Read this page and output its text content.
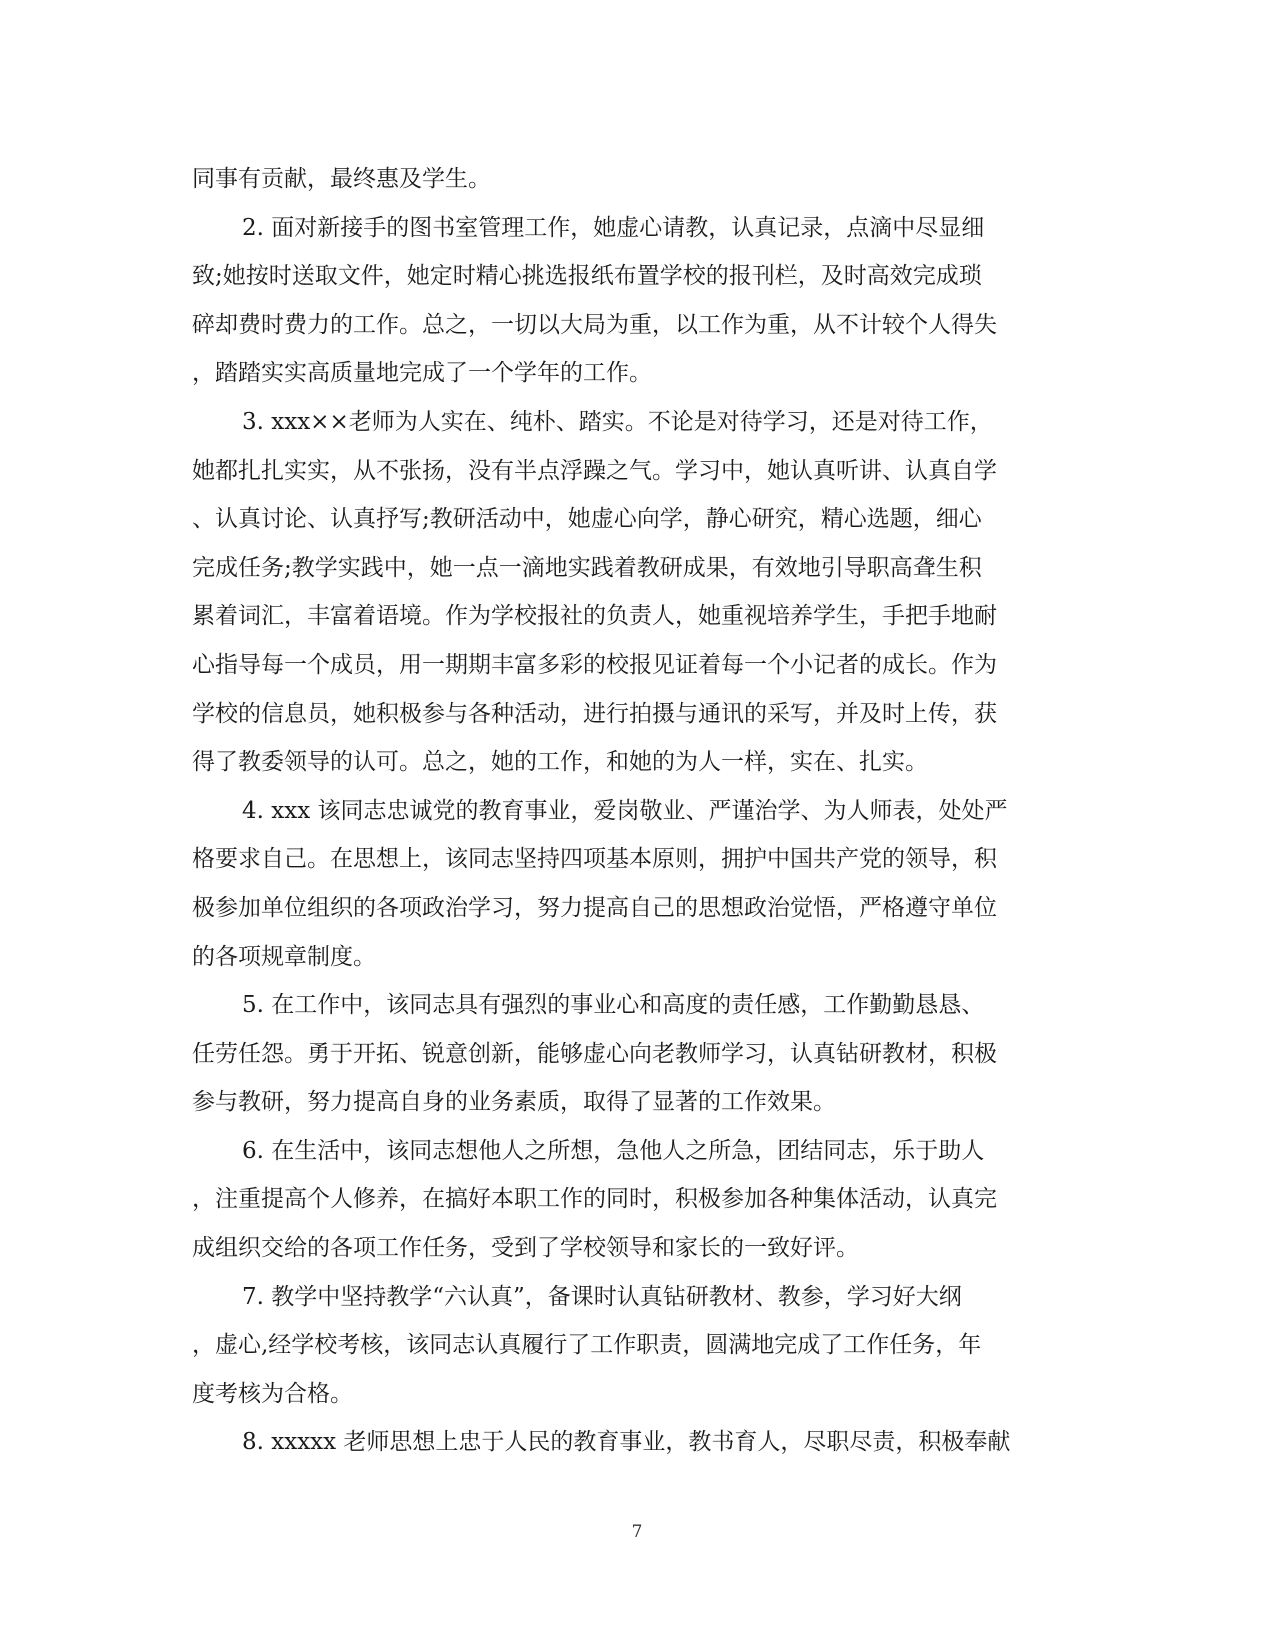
同事有贡献，最终惠及学生。
2. 面对新接手的图书室管理工作，她虚心请教，认真记录，点滴中尽显细
致;她按时送取文件，她定时精心挑选报纸布置学校的报刊栏，及时高效完成琐
碎却费时费力的工作。总之，一切以大局为重，以工作为重，从不计较个人得失
，踏踏实实高质量地完成了一个学年的工作。
3. xxx××老师为人实在、纯朴、踏实。不论是对待学习，还是对待工作，
她都扎扎实实，从不张扬，没有半点浮躁之气。学习中，她认真听讲、认真自学
、认真讨论、认真抒写;教研活动中，她虚心向学，静心研究，精心选题，细心
完成任务;教学实践中，她一点一滴地实践着教研成果，有效地引导职高聋生积
累着词汇，丰富着语境。作为学校报社的负责人，她重视培养学生，手把手地耐
心指导每一个成员，用一期期丰富多彩的校报见证着每一个小记者的成长。作为
学校的信息员，她积极参与各种活动，进行拍摄与通讯的采写，并及时上传，获
得了教委领导的认可。总之，她的工作，和她的为人一样，实在、扎实。
4. xxx 该同志忠诚党的教育事业，爱岗敬业、严谨治学、为人师表，处处严
格要求自己。在思想上，该同志坚持四项基本原则，拥护中国共产党的领导，积
极参加单位组织的各项政治学习，努力提高自己的思想政治觉悟，严格遵守单位
的各项规章制度。
5. 在工作中，该同志具有强烈的事业心和高度的责任感，工作勤勤恳恳、
任劳任怨。勇于开拓、锐意创新，能够虚心向老教师学习，认真钻研教材，积极
参与教研，努力提高自身的业务素质，取得了显著的工作效果。
6. 在生活中，该同志想他人之所想，急他人之所急，团结同志，乐于助人
，注重提高个人修养，在搞好本职工作的同时，积极参加各种集体活动，认真完
成组织交给的各项工作任务，受到了学校领导和家长的一致好评。
7. 教学中坚持教学“六认真”，备课时认真钻研教材、教参，学习好大纲
，虚心,经学校考核，该同志认真履行了工作职责，圆满地完成了工作任务，年
度考核为合格。
8. xxxxx 老师思想上忠于人民的教育事业，教书育人，尽职尽责，积极奉献
7
